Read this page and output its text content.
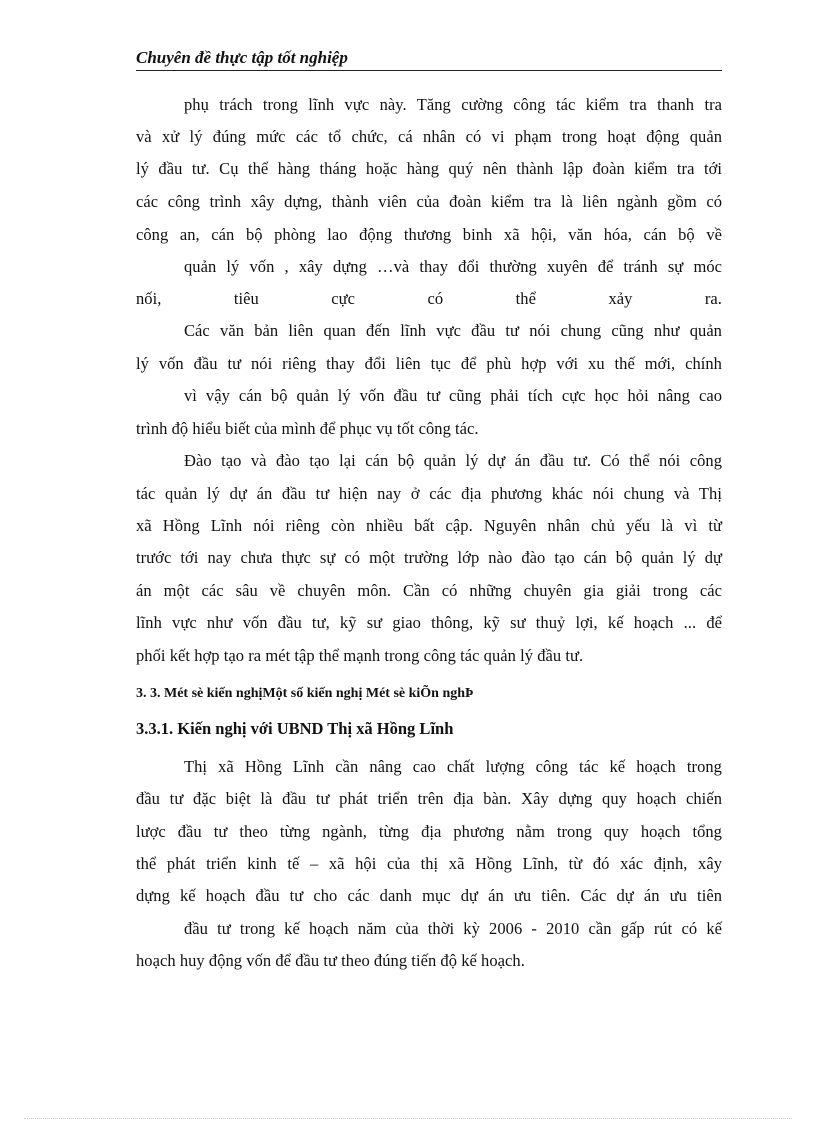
Chuyên đề thực tập tốt nghiệp
phụ trách trong lĩnh vực này. Tăng cường công tác kiểm tra thanh tra
và xử lý đúng mức các tổ chức, cá nhân có vi phạm trong hoạt động quản
lý đầu tư. Cụ thể hàng tháng hoặc hàng quý nên thành lập đoàn kiểm tra tới
các công trình xây dựng, thành viên của đoàn kiểm tra là liên ngành gồm có
công an, cán bộ phòng lao động thương binh xã hội, văn hóa, cán bộ về
quản lý vốn , xây dựng …và thay đổi thường xuyên để tránh sự móc
nối, tiêu cực có thể xảy ra.
Các văn bản liên quan đến lĩnh vực đầu tư nói chung cũng như quản
lý vốn đầu tư nói riêng thay đổi liên tục để phù hợp với xu thế mới, chính
vì vậy cán bộ quản lý vốn đầu tư cũng phải tích cực học hỏi nâng cao
trình độ hiểu biết của mình để phục vụ tốt công tác.
Đào tạo và đào tạo lại cán bộ quản lý dự án đầu tư. Có thể nói công
tác quản lý dự án đầu tư hiện nay ở các địa phương khác nói chung và Thị
xã Hồng Lĩnh nói riêng còn nhiều bất cập. Nguyên nhân chủ yếu là vì từ
trước tới nay chưa thực sự có một trường lớp nào đào tạo cán bộ quản lý dự
án một các sâu về chuyên môn. Cần có những chuyên gia giải trong các
lĩnh vực như vốn đầu tư, kỹ sư giao thông, kỹ sư thuỷ lợi, kế hoạch ... để
phối kết hợp tạo ra mét tập thể mạnh trong công tác quản lý đầu tư.
3. 3. Mét sè kiến nghịMột số kiến nghị Mét sè kiÕn nghÞ
3.3.1. Kiến nghị với UBND Thị xã Hồng Lĩnh
Thị xã Hồng Lĩnh cần nâng cao chất lượng công tác kế hoạch trong
đầu tư đặc biệt là đầu tư phát triển trên địa bàn. Xây dựng quy hoạch chiến
lược đầu tư theo từng ngành, từng địa phương nằm trong quy hoạch tổng
thể phát triển kinh tế – xã hội của thị xã Hồng Lĩnh, từ đó xác định, xây
dựng kế hoạch đầu tư cho các danh mục dự án ưu tiên. Các dự án ưu tiên
đầu tư trong kế hoạch năm của thời kỳ 2006 - 2010 cần gấp rút có kế
hoạch huy động vốn để đầu tư theo đúng tiến độ kế hoạch.
